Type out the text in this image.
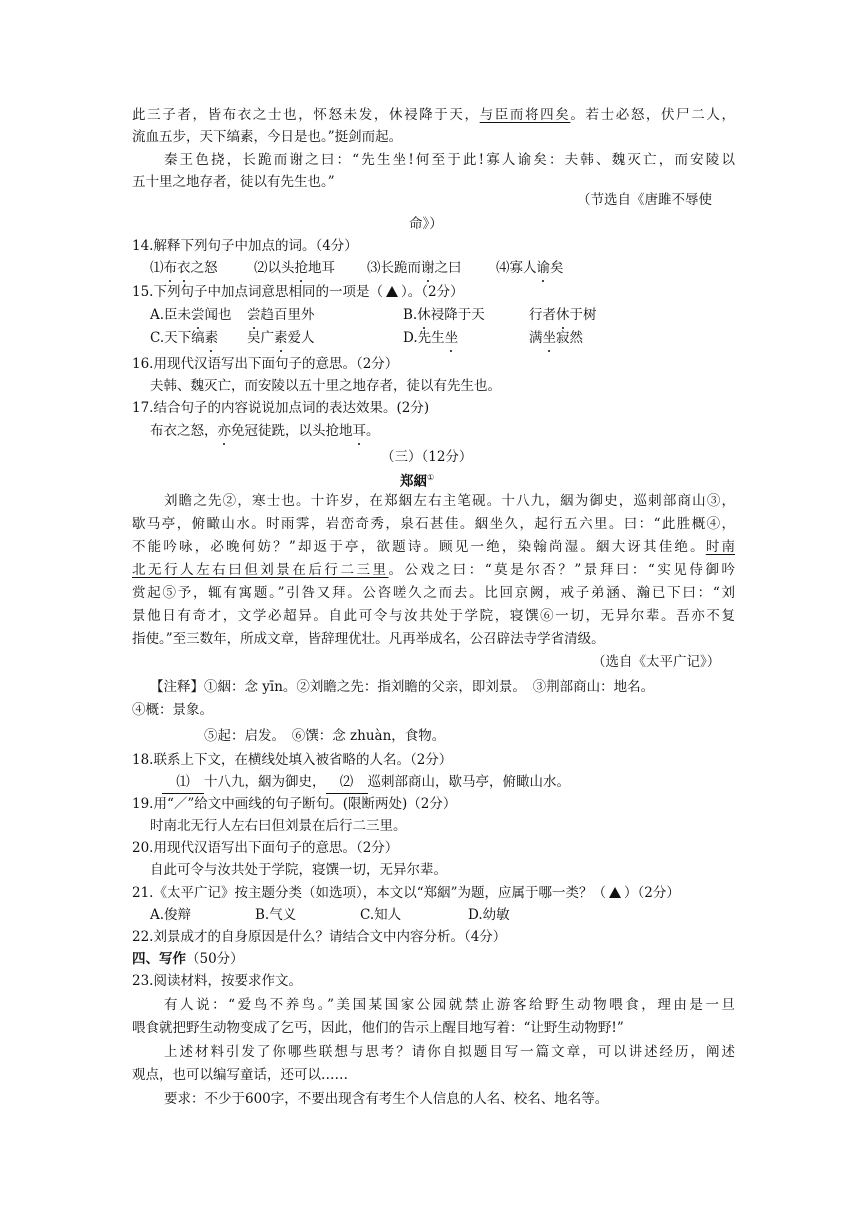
此三子者，皆布衣之士也，怀怒未发，休祲降于天，与臣而将四矣。若士必怒，伏尸二人，
流血五步，天下缟素，今日是也。”挺剑而起。
秦王色挠，长跪而谢之曰：“先生坐!何至于此!寡人谕矣：夫韩、魏灭亡，而安陵以
五十里之地存者，徒以有先生也。”
（节选自《唐雎不辱使
命》）
14.解释下列句子中加点的词。（4分）
⑴布衣之怒	⑵以头抢地耳 ⑶长跪而谢之曰	⑷寡人谕矣
15.下列句子中加点词意思相同的一项是（ ）。（2分）
A.臣未尝闻也 尝趋百里外	B.休祲降于天	行者休于树
C.天下缟素 吴广素爱人	D.先生坐	满坐寂然
16.用现代汉语写出下面句子的意思。（2分）
夫韩、魏灭亡，而安陵以五十里之地存者，徒以有先生也。
17.结合句子的内容说说加点词的表达效果。(2分)
布衣之怒，亦免冠徒跣，以头抢地耳。
（三）（12分）
郑絪①
刘瞻之先②，寒士也。十许岁，在郑絪左右主笔砚。十八九，絪为御史，巡刺部商山③，
歇马亭，俯瞰山水。时雨霁，岩峦奇秀，泉石甚佳。絪坐久，起行五六里。曰：“此胜概④，
不能吟咏，必晚何妨？”却返于亭，欲题诗。顾见一绝，染翰尚湿。絪大讶其佳绝。时南
北无行人左右曰但刘景在后行二三里。公戏之曰：“莫是尔否？”景拜曰：“实见侍御吟
赏起⑤予，辄有寓题。”引咎又拜。公咨嗟久之而去。比回京阙，戒子弟涵、瀚已下曰：“刘
景他日有奇才，文学必超异。自此可令与汝共处于学院，寝馔⑥一切，无异尔辈。吾亦不复
指使。”至三数年，所成文章，皆辞理优壮。凡再举成名，公召辟法寺学省清级。
（选自《太平广记》）
【注释】①絪：念 yīn。②刘瞻之先：指刘瞻的父亲，即刘景。　③荆部商山：地名。
④概：景象。
⑤起：启发。　⑥馔：念 zhuàn，食物。
18.联系上下文，在横线处填入被省略的人名。（2分）
⑴ 十八九，絪为御史， ⑵ 巡刺部商山，歇马亭，俯瞰山水。
19.用“／”给文中画线的句子断句。(限断两处)（2分）
时南北无行人左右曰但刘景在后行二三里。
20.用现代汉语写出下面句子的意思。（2分）
自此可令与汝共处于学院，寝馔一切，无异尔辈。
21.《太平广记》按主题分类（如选项），本文以“郑絪”为题，应属于哪一类？（ ）（2分）
A.俊辩	B.气义	C.知人	D.幼敏
22.刘景成才的自身原因是什么？请结合文中内容分析。（4分）
四、写作（50分）
23.阅读材料，按要求作文。
有人说：“爱鸟不养鸟。”美国某国家公园就禁止游客给野生动物喂食，理由是一旦
喂食就把野生动物变成了乞丐，因此，他们的告示上醒目地写着：“让野生动物野!”
上述材料引发了你哪些联想与思考？请你自拟题目写一篇文章，可以讲述经历，阐述
观点，也可以编写童话，还可以……
要求：不少于600字，不要出现含有考生个人信息的人名、校名、地名等。
